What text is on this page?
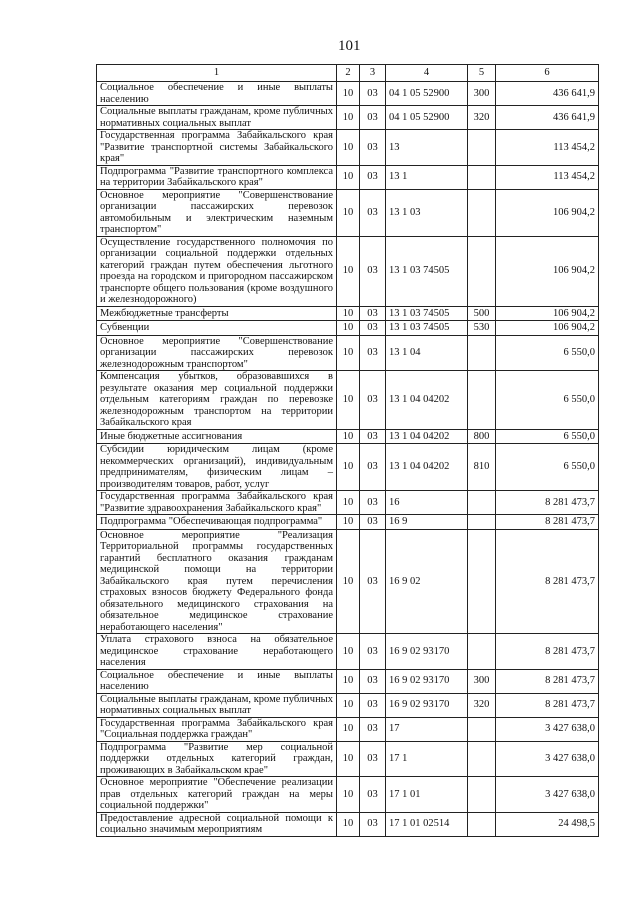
101
1	2	3	4	5	6
Социальное обеспечение и иные выплаты населению	10	03	04 1 05 52900	300	436 641,9
Социальные выплаты гражданам, кроме публичных нормативных социальных выплат	10	03	04 1 05 52900	320	436 641,9
Государственная программа Забайкальского края "Развитие транспортной системы Забайкальского края"	10	03	13		113 454,2
Подпрограмма "Развитие транспортного комплекса на территории Забайкальского края"	10	03	13 1		113 454,2
Основное мероприятие "Совершенствование организации пассажирских перевозок автомобильным и электрическим наземным транспортом"	10	03	13 1 03		106 904,2
Осуществление государственного полномочия по организации социальной поддержки отдельных категорий граждан путем обеспечения льготного проезда на городском и пригородном пассажирском транспорте общего пользования (кроме воздушного и железнодорожного)	10	03	13 1 03 74505		106 904,2
Межбюджетные трансферты	10	03	13 1 03 74505	500	106 904,2
Субвенции	10	03	13 1 03 74505	530	106 904,2
Основное мероприятие "Совершенствование организации пассажирских перевозок железнодорожным транспортом"	10	03	13 1 04		6 550,0
Компенсация убытков, образовавшихся в результате оказания мер социальной поддержки отдельным категориям граждан по перевозке железнодорожным транспортом на территории Забайкальского края	10	03	13 1 04 04202		6 550,0
Иные бюджетные ассигнования	10	03	13 1 04 04202	800	6 550,0
Субсидии юридическим лицам (кроме некоммерческих организаций), индивидуальным предпринимателям, физическим лицам – производителям товаров, работ, услуг	10	03	13 1 04 04202	810	6 550,0
Государственная программа Забайкальского края "Развитие здравоохранения Забайкальского края"	10	03	16		8 281 473,7
Подпрограмма "Обеспечивающая подпрограмма"	10	03	16 9		8 281 473,7
Основное мероприятие "Реализация Территориальной программы государственных гарантий бесплатного оказания гражданам медицинской помощи на территории Забайкальского края путем перечисления страховых взносов бюджету Федерального фонда обязательного медицинского страхования на обязательное медицинское страхование неработающего населения"	10	03	16 9 02		8 281 473,7
Уплата страхового взноса на обязательное медицинское страхование неработающего населения	10	03	16 9 02 93170		8 281 473,7
Социальное обеспечение и иные выплаты населению	10	03	16 9 02 93170	300	8 281 473,7
Социальные выплаты гражданам, кроме публичных нормативных социальных выплат	10	03	16 9 02 93170	320	8 281 473,7
Государственная программа Забайкальского края "Социальная поддержка граждан"	10	03	17		3 427 638,0
Подпрограмма "Развитие мер социальной поддержки отдельных категорий граждан, проживающих в Забайкальском крае"	10	03	17 1		3 427 638,0
Основное мероприятие "Обеспечение реализации прав отдельных категорий граждан на меры социальной поддержки"	10	03	17 1 01		3 427 638,0
Предоставление адресной социальной помощи к социально значимым мероприятиям	10	03	17 1 01 02514		24 498,5
